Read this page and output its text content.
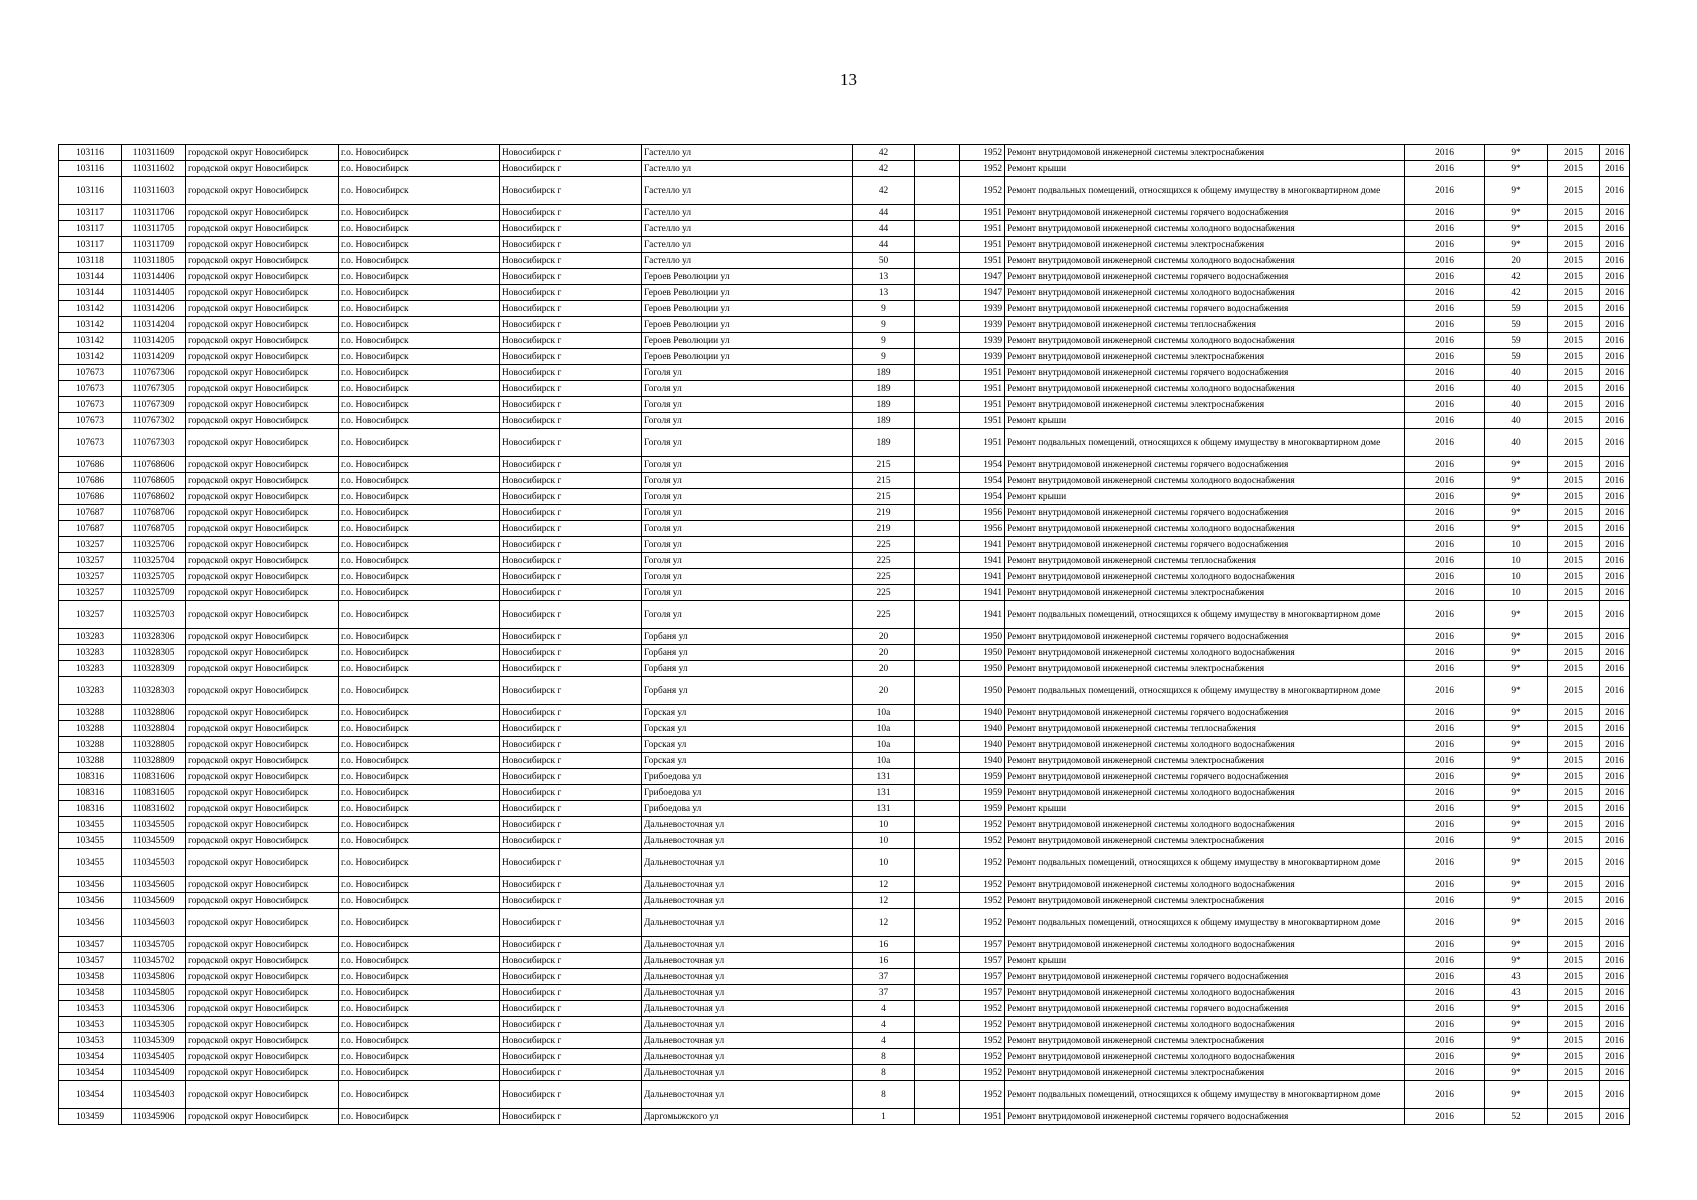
13
103116	110311609	городской округ Новосибирск	г.о. Новосибирск	Новосибирск г	Гастелло ул	42		1952	Ремонт внутридомовой инженерной системы электроснабжения	2016	9*	2015	2016
103116	110311602	городской округ Новосибирск	г.о. Новосибирск	Новосибирск г	Гастелло ул	42		1952	Ремонт крыши	2016	9*	2015	2016
103116	110311603	городской округ Новосибирск	г.о. Новосибирск	Новосибирск г	Гастелло ул	42		1952	Ремонт подвальных помещений, относящихся к общему имуществу в многоквартирном доме	2016	9*	2015	2016
103117	110311706	городской округ Новосибирск	г.о. Новосибирск	Новосибирск г	Гастелло ул	44		1951	Ремонт внутридомовой инженерной системы горячего водоснабжения	2016	9*	2015	2016
103117	110311705	городской округ Новосибирск	г.о. Новосибирск	Новосибирск г	Гастелло ул	44		1951	Ремонт внутридомовой инженерной системы холодного водоснабжения	2016	9*	2015	2016
103117	110311709	городской округ Новосибирск	г.о. Новосибирск	Новосибирск г	Гастелло ул	44		1951	Ремонт внутридомовой инженерной системы электроснабжения	2016	9*	2015	2016
103118	110311805	городской округ Новосибирск	г.о. Новосибирск	Новосибирск г	Гастелло ул	50		1951	Ремонт внутридомовой инженерной системы холодного водоснабжения	2016	20	2015	2016
103144	110314406	городской округ Новосибирск	г.о. Новосибирск	Новосибирск г	Героев Революции ул	13		1947	Ремонт внутридомовой инженерной системы горячего водоснабжения	2016	42	2015	2016
103144	110314405	городской округ Новосибирск	г.о. Новосибирск	Новосибирск г	Героев Революции ул	13		1947	Ремонт внутридомовой инженерной системы холодного водоснабжения	2016	42	2015	2016
103142	110314206	городской округ Новосибирск	г.о. Новосибирск	Новосибирск г	Героев Революции ул	9		1939	Ремонт внутридомовой инженерной системы горячего водоснабжения	2016	59	2015	2016
103142	110314204	городской округ Новосибирск	г.о. Новосибирск	Новосибирск г	Героев Революции ул	9		1939	Ремонт внутридомовой инженерной системы теплоснабжения	2016	59	2015	2016
103142	110314205	городской округ Новосибирск	г.о. Новосибирск	Новосибирск г	Героев Революции ул	9		1939	Ремонт внутридомовой инженерной системы холодного водоснабжения	2016	59	2015	2016
103142	110314209	городской округ Новосибирск	г.о. Новосибирск	Новосибирск г	Героев Революции ул	9		1939	Ремонт внутридомовой инженерной системы электроснабжения	2016	59	2015	2016
107673	110767306	городской округ Новосибирск	г.о. Новосибирск	Новосибирск г	Гоголя ул	189		1951	Ремонт внутридомовой инженерной системы горячего водоснабжения	2016	40	2015	2016
107673	110767305	городской округ Новосибирск	г.о. Новосибирск	Новосибирск г	Гоголя ул	189		1951	Ремонт внутридомовой инженерной системы холодного водоснабжения	2016	40	2015	2016
107673	110767309	городской округ Новосибирск	г.о. Новосибирск	Новосибирск г	Гоголя ул	189		1951	Ремонт внутридомовой инженерной системы электроснабжения	2016	40	2015	2016
107673	110767302	городской округ Новосибирск	г.о. Новосибирск	Новосибирск г	Гоголя ул	189		1951	Ремонт крыши	2016	40	2015	2016
107673	110767303	городской округ Новосибирск	г.о. Новосибирск	Новосибирск г	Гоголя ул	189		1951	Ремонт подвальных помещений, относящихся к общему имуществу в многоквартирном доме	2016	40	2015	2016
107686	110768606	городской округ Новосибирск	г.о. Новосибирск	Новосибирск г	Гоголя ул	215		1954	Ремонт внутридомовой инженерной системы горячего водоснабжения	2016	9*	2015	2016
107686	110768605	городской округ Новосибирск	г.о. Новосибирск	Новосибирск г	Гоголя ул	215		1954	Ремонт внутридомовой инженерной системы холодного водоснабжения	2016	9*	2015	2016
107686	110768602	городской округ Новосибирск	г.о. Новосибирск	Новосибирск г	Гоголя ул	215		1954	Ремонт крыши	2016	9*	2015	2016
107687	110768706	городской округ Новосибирск	г.о. Новосибирск	Новосибирск г	Гоголя ул	219		1956	Ремонт внутридомовой инженерной системы горячего водоснабжения	2016	9*	2015	2016
107687	110768705	городской округ Новосибирск	г.о. Новосибирск	Новосибирск г	Гоголя ул	219		1956	Ремонт внутридомовой инженерной системы холодного водоснабжения	2016	9*	2015	2016
103257	110325706	городской округ Новосибирск	г.о. Новосибирск	Новосибирск г	Гоголя ул	225		1941	Ремонт внутридомовой инженерной системы горячего водоснабжения	2016	10	2015	2016
103257	110325704	городской округ Новосибирск	г.о. Новосибирск	Новосибирск г	Гоголя ул	225		1941	Ремонт внутридомовой инженерной системы теплоснабжения	2016	10	2015	2016
103257	110325705	городской округ Новосибирск	г.о. Новосибирск	Новосибирск г	Гоголя ул	225		1941	Ремонт внутридомовой инженерной системы холодного водоснабжения	2016	10	2015	2016
103257	110325709	городской округ Новосибирск	г.о. Новосибирск	Новосибирск г	Гоголя ул	225		1941	Ремонт внутридомовой инженерной системы электроснабжения	2016	10	2015	2016
103257	110325703	городской округ Новосибирск	г.о. Новосибирск	Новосибирск г	Гоголя ул	225		1941	Ремонт подвальных помещений, относящихся к общему имуществу в многоквартирном доме	2016	9*	2015	2016
103283	110328306	городской округ Новосибирск	г.о. Новосибирск	Новосибирск г	Горбаня ул	20		1950	Ремонт внутридомовой инженерной системы горячего водоснабжения	2016	9*	2015	2016
103283	110328305	городской округ Новосибирск	г.о. Новосибирск	Новосибирск г	Горбаня ул	20		1950	Ремонт внутридомовой инженерной системы холодного водоснабжения	2016	9*	2015	2016
103283	110328309	городской округ Новосибирск	г.о. Новосибирск	Новосибирск г	Горбаня ул	20		1950	Ремонт внутридомовой инженерной системы электроснабжения	2016	9*	2015	2016
103283	110328303	городской округ Новосибирск	г.о. Новосибирск	Новосибирск г	Горбаня ул	20		1950	Ремонт подвальных помещений, относящихся к общему имуществу в многоквартирном доме	2016	9*	2015	2016
103288	110328806	городской округ Новосибирск	г.о. Новосибирск	Новосибирск г	Горская ул	10а		1940	Ремонт внутридомовой инженерной системы горячего водоснабжения	2016	9*	2015	2016
103288	110328804	городской округ Новосибирск	г.о. Новосибирск	Новосибирск г	Горская ул	10а		1940	Ремонт внутридомовой инженерной системы теплоснабжения	2016	9*	2015	2016
103288	110328805	городской округ Новосибирск	г.о. Новосибирск	Новосибирск г	Горская ул	10а		1940	Ремонт внутридомовой инженерной системы холодного водоснабжения	2016	9*	2015	2016
103288	110328809	городской округ Новосибирск	г.о. Новосибирск	Новосибирск г	Горская ул	10а		1940	Ремонт внутридомовой инженерной системы электроснабжения	2016	9*	2015	2016
108316	110831606	городской округ Новосибирск	г.о. Новосибирск	Новосибирск г	Грибоедова ул	131		1959	Ремонт внутридомовой инженерной системы горячего водоснабжения	2016	9*	2015	2016
108316	110831605	городской округ Новосибирск	г.о. Новосибирск	Новосибирск г	Грибоедова ул	131		1959	Ремонт внутридомовой инженерной системы холодного водоснабжения	2016	9*	2015	2016
108316	110831602	городской округ Новосибирск	г.о. Новосибирск	Новосибирск г	Грибоедова ул	131		1959	Ремонт крыши	2016	9*	2015	2016
103455	110345505	городской округ Новосибирск	г.о. Новосибирск	Новосибирск г	Дальневосточная ул	10		1952	Ремонт внутридомовой инженерной системы холодного водоснабжения	2016	9*	2015	2016
103455	110345509	городской округ Новосибирск	г.о. Новосибирск	Новосибирск г	Дальневосточная ул	10		1952	Ремонт внутридомовой инженерной системы электроснабжения	2016	9*	2015	2016
103455	110345503	городской округ Новосибирск	г.о. Новосибирск	Новосибирск г	Дальневосточная ул	10		1952	Ремонт подвальных помещений, относящихся к общему имуществу в многоквартирном доме	2016	9*	2015	2016
103456	110345605	городской округ Новосибирск	г.о. Новосибирск	Новосибирск г	Дальневосточная ул	12		1952	Ремонт внутридомовой инженерной системы холодного водоснабжения	2016	9*	2015	2016
103456	110345609	городской округ Новосибирск	г.о. Новосибирск	Новосибирск г	Дальневосточная ул	12		1952	Ремонт внутридомовой инженерной системы электроснабжения	2016	9*	2015	2016
103456	110345603	городской округ Новосибирск	г.о. Новосибирск	Новосибирск г	Дальневосточная ул	12		1952	Ремонт подвальных помещений, относящихся к общему имуществу в многоквартирном доме	2016	9*	2015	2016
103457	110345705	городской округ Новосибирск	г.о. Новосибирск	Новосибирск г	Дальневосточная ул	16		1957	Ремонт внутридомовой инженерной системы холодного водоснабжения	2016	9*	2015	2016
103457	110345702	городской округ Новосибирск	г.о. Новосибирск	Новосибирск г	Дальневосточная ул	16		1957	Ремонт крыши	2016	9*	2015	2016
103458	110345806	городской округ Новосибирск	г.о. Новосибирск	Новосибирск г	Дальневосточная ул	37		1957	Ремонт внутридомовой инженерной системы горячего водоснабжения	2016	43	2015	2016
103458	110345805	городской округ Новосибирск	г.о. Новосибирск	Новосибирск г	Дальневосточная ул	37		1957	Ремонт внутридомовой инженерной системы холодного водоснабжения	2016	43	2015	2016
103453	110345306	городской округ Новосибирск	г.о. Новосибирск	Новосибирск г	Дальневосточная ул	4		1952	Ремонт внутридомовой инженерной системы горячего водоснабжения	2016	9*	2015	2016
103453	110345305	городской округ Новосибирск	г.о. Новосибирск	Новосибирск г	Дальневосточная ул	4		1952	Ремонт внутридомовой инженерной системы холодного водоснабжения	2016	9*	2015	2016
103453	110345309	городской округ Новосибирск	г.о. Новосибирск	Новосибирск г	Дальневосточная ул	4		1952	Ремонт внутридомовой инженерной системы электроснабжения	2016	9*	2015	2016
103454	110345405	городской округ Новосибирск	г.о. Новосибирск	Новосибирск г	Дальневосточная ул	8		1952	Ремонт внутридомовой инженерной системы холодного водоснабжения	2016	9*	2015	2016
103454	110345409	городской округ Новосибирск	г.о. Новосибирск	Новосибирск г	Дальневосточная ул	8		1952	Ремонт внутридомовой инженерной системы электроснабжения	2016	9*	2015	2016
103454	110345403	городской округ Новосибирск	г.о. Новосибирск	Новосибирск г	Дальневосточная ул	8		1952	Ремонт подвальных помещений, относящихся к общему имуществу в многоквартирном доме	2016	9*	2015	2016
103459	110345906	городской округ Новосибирск	г.о. Новосибирск	Новосибирск г	Даргомыжского ул	1		1951	Ремонт внутридомовой инженерной системы горячего водоснабжения	2016	52	2015	2016
